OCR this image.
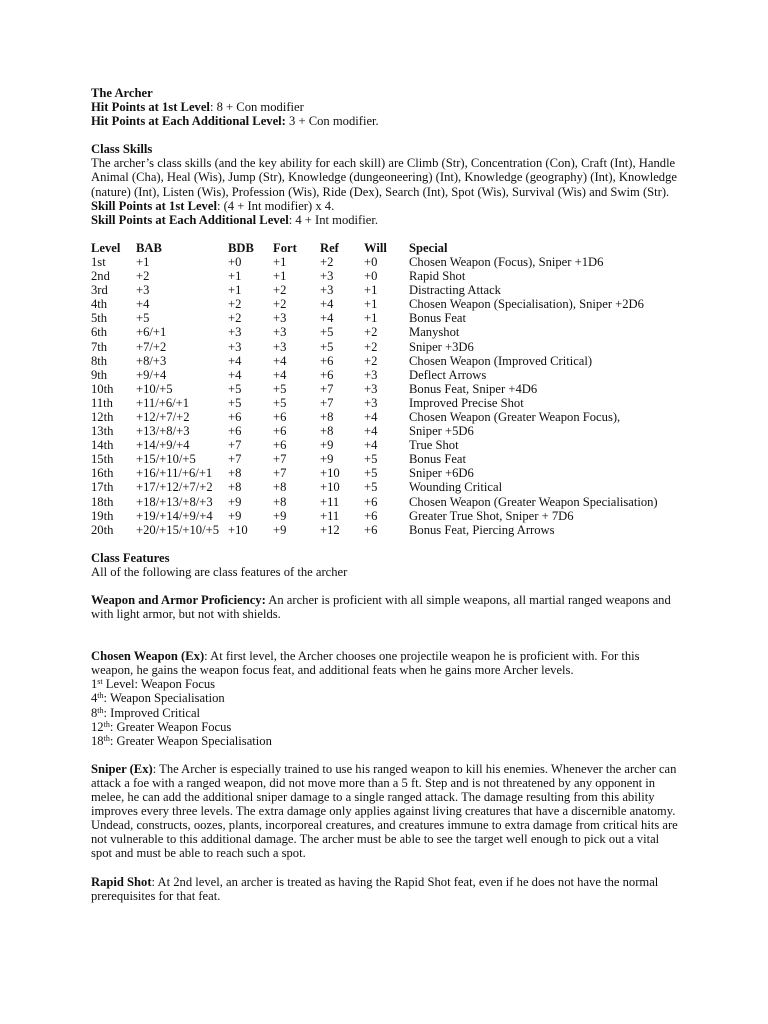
The Archer

Hit Points at 1st Level: 8 + Con modifier

Hit Points at Each Additional Level: 3 + Con modifier.

Class Skills

The archer’s class skills (and the key ability for each skill) are Climb (Str), Concentration (Con), Craft (Int), Handle Animal (Cha), Heal (Wis), Jump (Str), Knowledge (dungeoneering) (Int), Knowledge (geography) (Int), Knowledge (nature) (Int), Listen (Wis), Profession (Wis), Ride (Dex), Search (Int), Spot (Wis), Survival (Wis) and Swim (Str).

Skill Points at 1st Level: (4 + Int modifier) x 4.

Skill Points at Each Additional Level: 4 + Int modifier.

Level	BAB	BDB	Fort	Ref	Will	Special
1st	+1	+0	+1	+2	+0	Chosen Weapon (Focus), Sniper +1D6
2nd	+2	+1	+1	+3	+0	Rapid Shot
3rd	+3	+1	+2	+3	+1	Distracting Attack
4th	+4	+2	+2	+4	+1	Chosen Weapon (Specialisation), Sniper +2D6
5th	+5	+2	+3	+4	+1	Bonus Feat
6th	+6/+1	+3	+3	+5	+2	Manyshot
7th	+7/+2	+3	+3	+5	+2	Sniper +3D6
8th	+8/+3	+4	+4	+6	+2	Chosen Weapon (Improved Critical)
9th	+9/+4	+4	+4	+6	+3	Deflect Arrows
10th	+10/+5	+5	+5	+7	+3	Bonus Feat, Sniper +4D6
11th	+11/+6/+1	+5	+5	+7	+3	Improved Precise Shot
12th	+12/+7/+2	+6	+6	+8	+4	Chosen Weapon (Greater Weapon Focus),
13th	+13/+8/+3	+6	+6	+8	+4	Sniper +5D6
14th	+14/+9/+4	+7	+6	+9	+4	True Shot
15th	+15/+10/+5	+7	+7	+9	+5	Bonus Feat
16th	+16/+11/+6/+1	+8	+7	+10	+5	Sniper +6D6
17th	+17/+12/+7/+2	+8	+8	+10	+5	Wounding Critical
18th	+18/+13/+8/+3	+9	+8	+11	+6	Chosen Weapon (Greater Weapon Specialisation)
19th	+19/+14/+9/+4	+9	+9	+11	+6	Greater True Shot, Sniper + 7D6
20th	+20/+15/+10/+5	+10	+9	+12	+6	Bonus Feat, Piercing Arrows

Class Features

All of the following are class features of the archer

Weapon and Armor Proficiency: An archer is proficient with all simple weapons, all martial ranged weapons and with light armor, but not with shields.

Chosen Weapon (Ex): At first level, the Archer chooses one projectile weapon he is proficient with. For this weapon, he gains the weapon focus feat, and additional feats when he gains more Archer levels.

1st Level: Weapon Focus

4th: Weapon Specialisation

8th: Improved Critical

12th: Greater Weapon Focus

18th: Greater Weapon Specialisation

Sniper (Ex): The Archer is especially trained to use his ranged weapon to kill his enemies. Whenever the archer can attack a foe with a ranged weapon, did not move more than a 5 ft. Step and is not threatened by any opponent in melee, he can add the additional sniper damage to a single ranged attack. The damage resulting from this ability improves every three levels. The extra damage only applies against living creatures that have a discernible anatomy. Undead, constructs, oozes, plants, incorporeal creatures, and creatures immune to extra damage from critical hits are not vulnerable to this additional damage. The archer must be able to see the target well enough to pick out a vital spot and must be able to reach such a spot.

Rapid Shot: At 2nd level, an archer is treated as having the Rapid Shot feat, even if he does not have the normal prerequisites for that feat.
